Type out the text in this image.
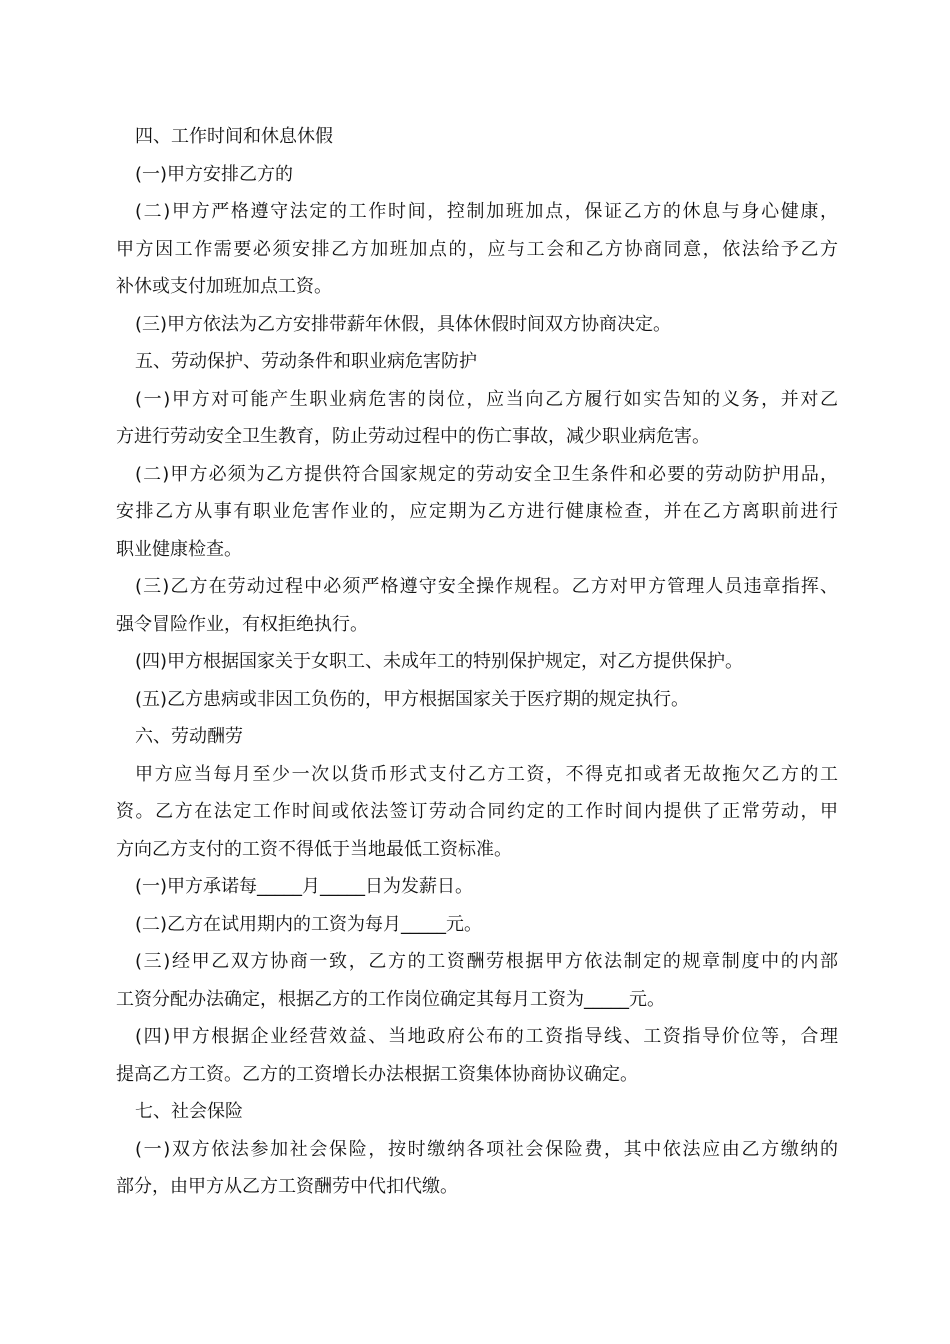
四、工作时间和休息休假
(一)甲方安排乙方的
(二)甲方严格遵守法定的工作时间，控制加班加点，保证乙方的休息与身心健康，
甲方因工作需要必须安排乙方加班加点的，应与工会和乙方协商同意，依法给予乙方
补休或支付加班加点工资。
(三)甲方依法为乙方安排带薪年休假，具体休假时间双方协商决定。
五、劳动保护、劳动条件和职业病危害防护
(一)甲方对可能产生职业病危害的岗位，应当向乙方履行如实告知的义务，并对乙
方进行劳动安全卫生教育，防止劳动过程中的伤亡事故，减少职业病危害。
(二)甲方必须为乙方提供符合国家规定的劳动安全卫生条件和必要的劳动防护用品，
安排乙方从事有职业危害作业的，应定期为乙方进行健康检查，并在乙方离职前进行
职业健康检查。
(三)乙方在劳动过程中必须严格遵守安全操作规程。乙方对甲方管理人员违章指挥、
强令冒险作业，有权拒绝执行。
(四)甲方根据国家关于女职工、未成年工的特别保护规定，对乙方提供保护。
(五)乙方患病或非因工负伤的，甲方根据国家关于医疗期的规定执行。
六、劳动酬劳
甲方应当每月至少一次以货币形式支付乙方工资，不得克扣或者无故拖欠乙方的工
资。乙方在法定工作时间或依法签订劳动合同约定的工作时间内提供了正常劳动，甲
方向乙方支付的工资不得低于当地最低工资标准。
(一)甲方承诺每_____月_____日为发薪日。
(二)乙方在试用期内的工资为每月_____元。
(三)经甲乙双方协商一致，乙方的工资酬劳根据甲方依法制定的规章制度中的内部
工资分配办法确定，根据乙方的工作岗位确定其每月工资为_____元。
(四)甲方根据企业经营效益、当地政府公布的工资指导线、工资指导价位等，合理
提高乙方工资。乙方的工资增长办法根据工资集体协商协议确定。
七、社会保险
(一)双方依法参加社会保险，按时缴纳各项社会保险费，其中依法应由乙方缴纳的
部分，由甲方从乙方工资酬劳中代扣代缴。
